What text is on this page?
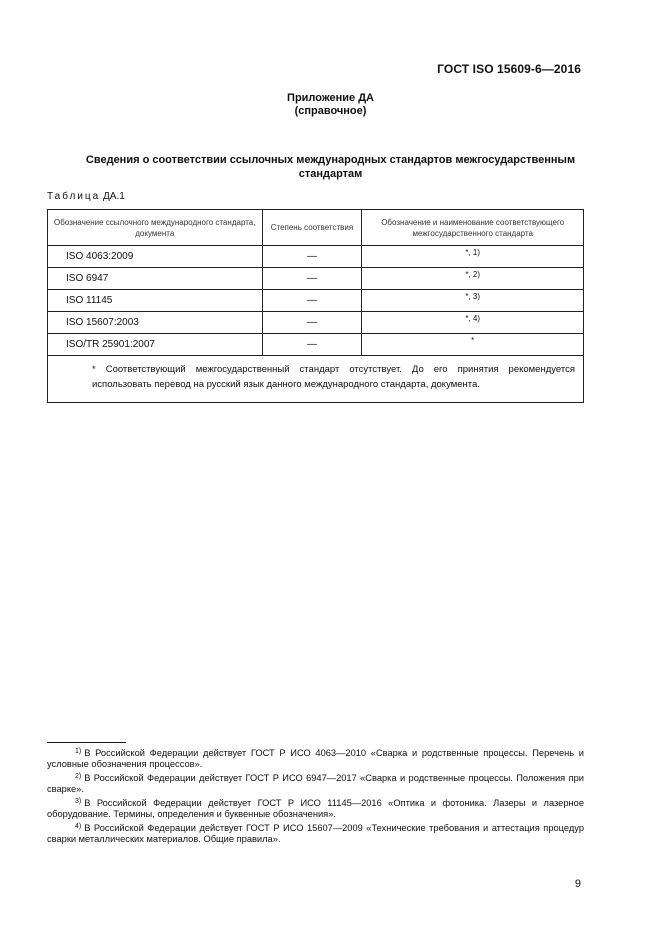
ГОСТ ISO 15609-6—2016
Приложение ДА
(справочное)
Сведения о соответствии ссылочных международных стандартов межгосударственным стандартам
Таблица ДА.1
Обозначение ссылочного международного стандарта, документа	Степень соответствия	Обозначение и наименование соответствующего межгосударственного стандарта
ISO 4063:2009	—	*, 1)
ISO 6947	—	*, 2)
ISO 11145	—	*, 3)
ISO 15607:2003	—	*, 4)
ISO/TR 25901:2007	—	*

* Соответствующий межгосударственный стандарт отсутствует. До его принятия рекомендуется использовать перевод на русский язык данного международного стандарта, документа.		
1) В Российской Федерации действует ГОСТ Р ИСО 4063—2010 «Сварка и родственные процессы. Перечень и условные обозначения процессов».
2) В Российской Федерации действует ГОСТ Р ИСО 6947—2017 «Сварка и родственные процессы. Положения при сварке».
3) В Российской Федерации действует ГОСТ Р ИСО 11145—2016 «Оптика и фотоника. Лазеры и лазерное оборудование. Термины, определения и буквенные обозначения».
4) В Российской Федерации действует ГОСТ Р ИСО 15607—2009 «Технические требования и аттестация процедур сварки металлических материалов. Общие правила».
9
